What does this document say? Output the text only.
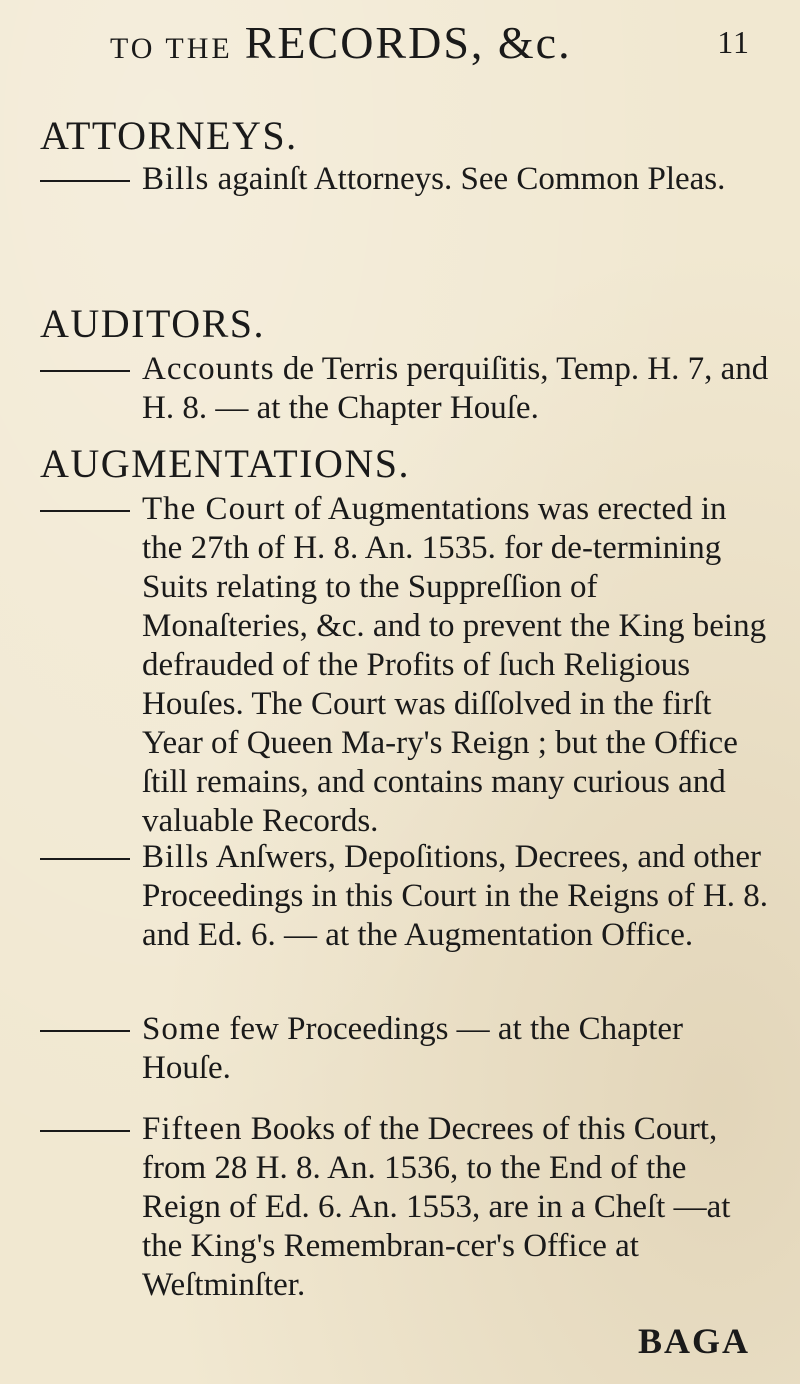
TO THE RECORDS, &c.	11
ATTORNEYS.
Bills againſt Attorneys. See Common Pleas.
AUDITORS.
Accounts de Terris perquiſitis, Temp. H. 7, and H. 8. — at the Chapter Houſe.
AUGMENTATIONS.
The Court of Augmentations was erected in the 27th of H. 8. An. 1535. for de-termining Suits relating to the Suppreſſion of Monaſteries, &c. and to prevent the King being defrauded of the Profits of ſuch Religious Houſes. The Court was diſſolved in the firſt Year of Queen Ma-ry's Reign ; but the Office ſtill remains, and contains many curious and valuable Records.
Bills Anſwers, Depoſitions, Decrees, and other Proceedings in this Court in the Reigns of H. 8. and Ed. 6. — at the Augmentation Office.
Some few Proceedings — at the Chapter Houſe.
Fifteen Books of the Decrees of this Court, from 28 H. 8. An. 1536, to the End of the Reign of Ed. 6. An. 1553, are in a Cheſt —at the King's Remembran-cer's Office at Weſtminſter.
BAGA
